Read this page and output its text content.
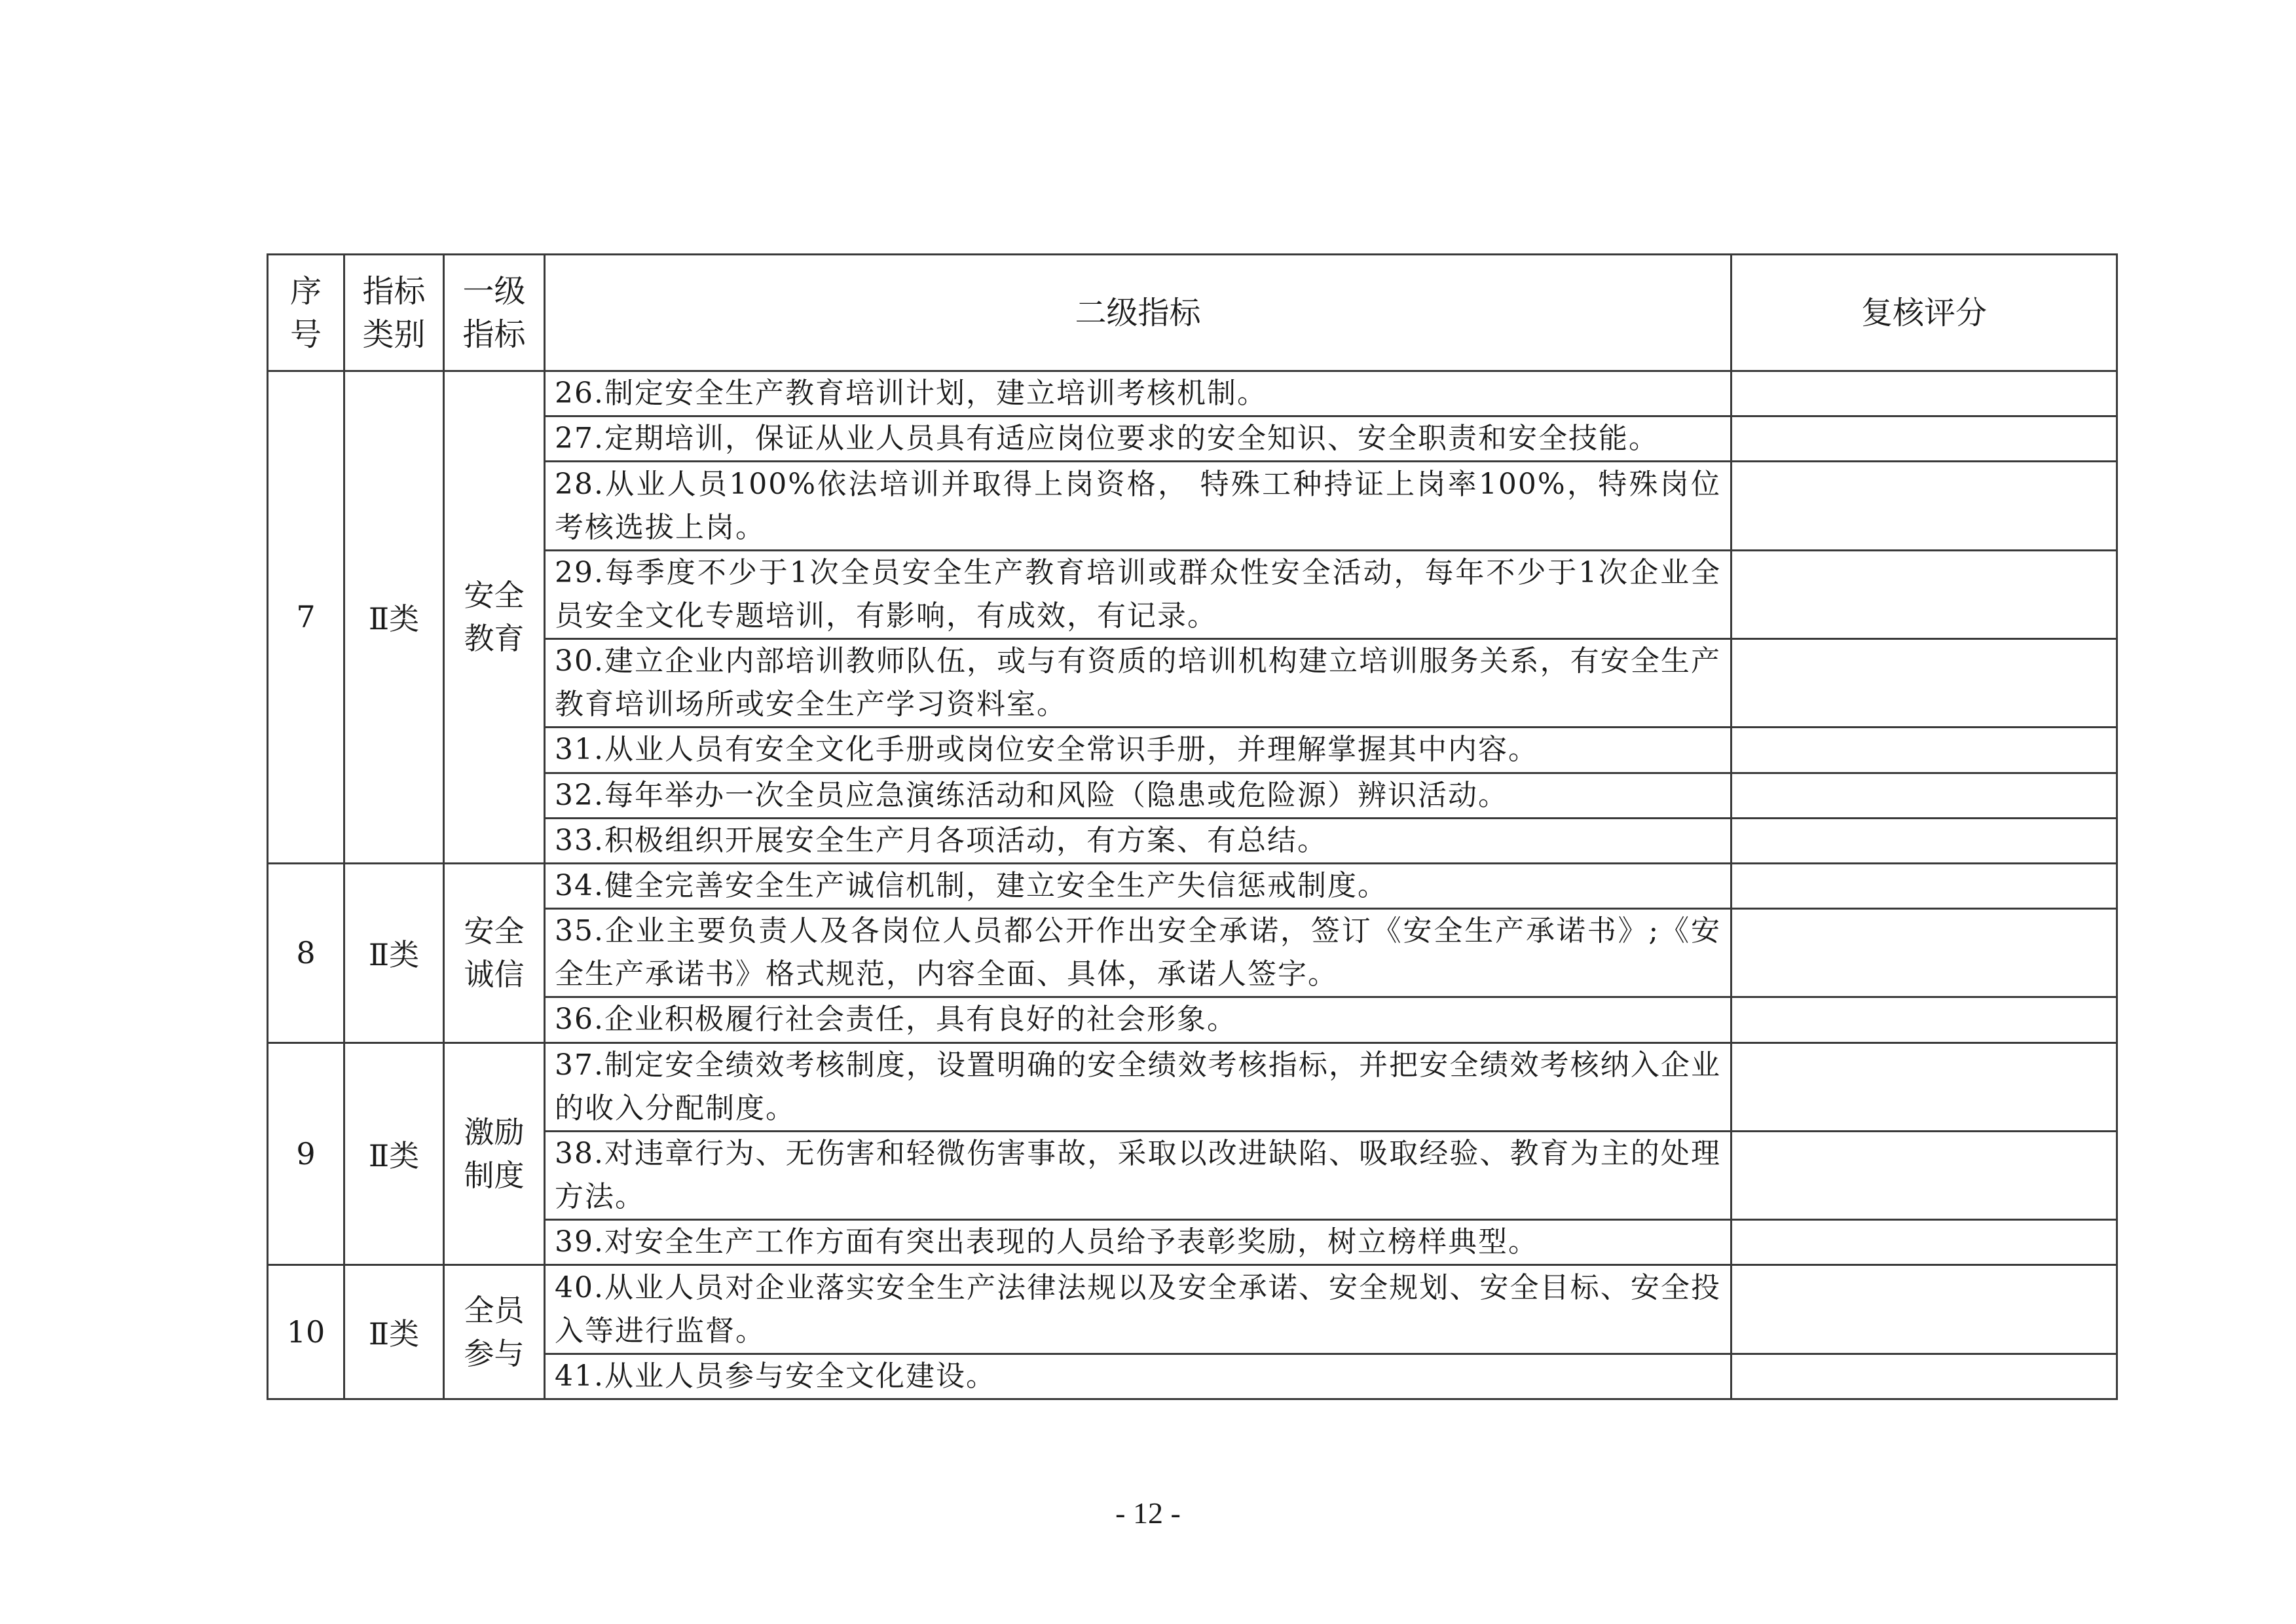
序号	指标类别	一级指标	二级指标	复核评分
7	Ⅱ类	安全教育	26.制定安全生产教育培训计划，建立培训考核机制。	
			27.定期培训，保证从业人员具有适应岗位要求的安全知识、安全职责和安全技能。	
			28.从业人员100%依法培训并取得上岗资格， 特殊工种持证上岗率100%，特殊岗位考核选拔上岗。	
			29.每季度不少于1次全员安全生产教育培训或群众性安全活动，每年不少于1次企业全员安全文化专题培训，有影响，有成效，有记录。	
			30.建立企业内部培训教师队伍，或与有资质的培训机构建立培训服务关系，有安全生产教育培训场所或安全生产学习资料室。	
			31.从业人员有安全文化手册或岗位安全常识手册，并理解掌握其中内容。	
			32.每年举办一次全员应急演练活动和风险（隐患或危险源）辨识活动。	
			33.积极组织开展安全生产月各项活动，有方案、有总结。	
8	Ⅱ类	安全诚信	34.健全完善安全生产诚信机制，建立安全生产失信惩戒制度。	
			35.企业主要负责人及各岗位人员都公开作出安全承诺，签订《安全生产承诺书》;《安全生产承诺书》格式规范，内容全面、具体，承诺人签字。	
			36.企业积极履行社会责任，具有良好的社会形象。	
9	Ⅱ类	激励制度	37.制定安全绩效考核制度，设置明确的安全绩效考核指标，并把安全绩效考核纳入企业的收入分配制度。	
			38.对违章行为、无伤害和轻微伤害事故，采取以改进缺陷、吸取经验、教育为主的处理方法。	
			39.对安全生产工作方面有突出表现的人员给予表彰奖励，树立榜样典型。	
10	Ⅱ类	全员参与	40.从业人员对企业落实安全生产法律法规以及安全承诺、安全规划、安全目标、安全投入等进行监督。	
			41.从业人员参与安全文化建设。	
- 12 -
